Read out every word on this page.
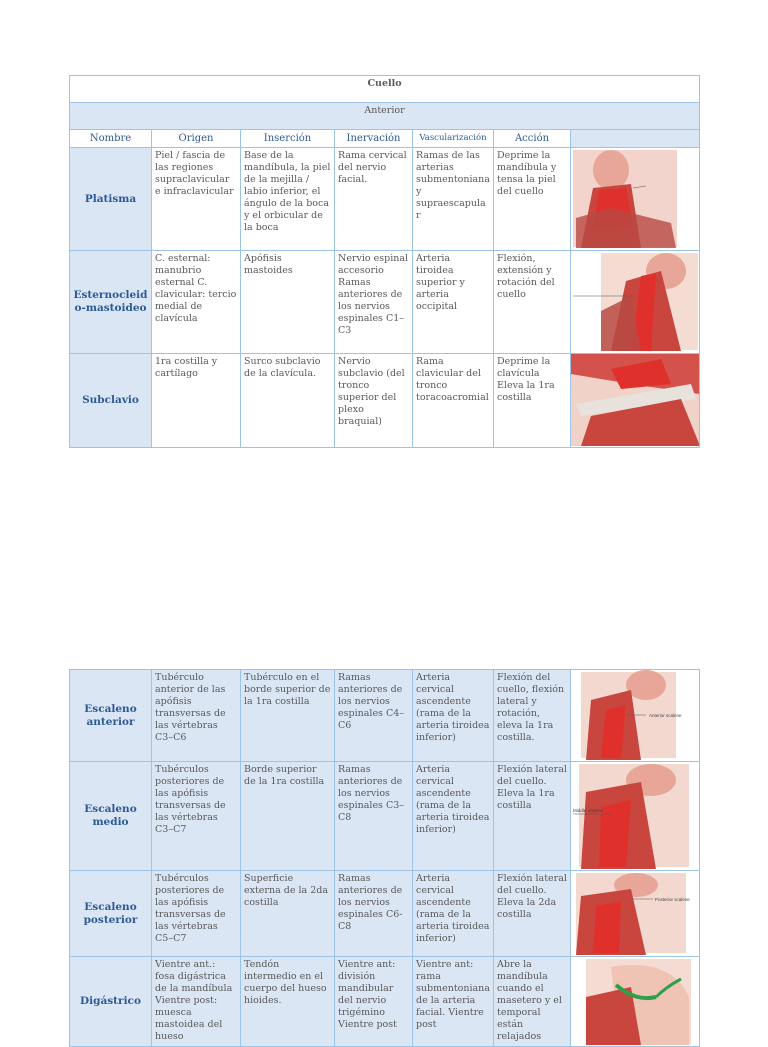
Cuello						
Anterior						
Nombre	Origen	Inserción	Inervación	Vascularización	Acción	
Platisma	Piel / fascia de las regiones supraclavicular e infraclavicular	Base de la mandíbula, la piel de la mejilla / labio inferior, el ángulo de la boca y el orbicular de la boca	Rama cervical del nervio facial.	Ramas de las arterias submentoniana y supraescapular	Deprime la mandíbula y tensa la piel del cuello	

Esternocleido-mastoideo	C. esternal: manubrio esternal C. clavicular: tercio medial de clavícula	Apófisis mastoides	Nervio espinal accesorio Ramas anteriores de los nervios espinales C1–C3	Arteria tiroidea superior y arteria occipital	Flexión, extensión y rotación del cuello	

Subclavio	1ra costilla y cartílago	Surco subclavio de la clavícula.	Nervio subclavio (del tronco superior del plexo braquial)	Rama clavicular del tronco toracoacromial	Deprime la clavícula Eleva la 1ra costilla	
Escaleno anterior	Tubérculo anterior de las apófisis transversas de las vértebras C3–C6	Tubérculo en el borde superior de la 1ra costilla	Ramas anteriores de los nervios espinales C4–C6	Arteria cervical ascendente (rama de la arteria tiroidea inferior)	Flexión del cuello, flexión lateral y rotación, eleva la 1ra costilla.	Anterior scalene

Escaleno medio	Tubérculos posteriores de las apófisis transversas de las vértebras C3–C7	Borde superior de la 1ra costilla	Ramas anteriores de los nervios espinales C3–C8	Arteria cervical ascendente (rama de la arteria tiroidea inferior)	Flexión lateral del cuello. Eleva la 1ra costilla	Middle scalene

Escaleno posterior	Tubérculos posteriores de las apófisis transversas de las vértebras C5–C7	Superficie externa de la 2da costilla	Ramas anteriores de los nervios espinales C6-C8	Arteria cervical ascendente (rama de la arteria tiroidea inferior)	Flexión lateral del cuello. Eleva la 2da costilla	Posterior scalene

Digástrico	Vientre ant.: fosa digástrica de la mandíbula Vientre post: muesca mastoidea del hueso	Tendón intermedio en el cuerpo del hueso hioides.	Vientre ant: división mandibular del nervio trigémino Vientre post	Vientre ant: rama submentoniana de la arteria facial. Vientre post	Abre la mandíbula cuando el masetero y el temporal están relajados	
